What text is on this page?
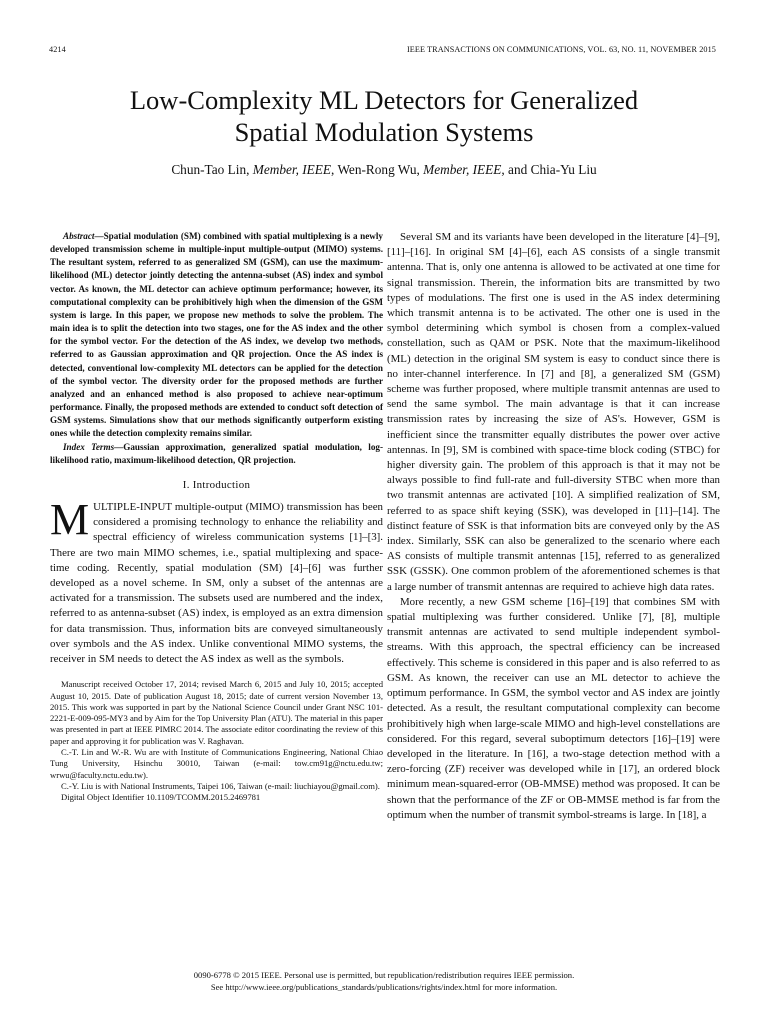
4214	IEEE TRANSACTIONS ON COMMUNICATIONS, VOL. 63, NO. 11, NOVEMBER 2015
Low-Complexity ML Detectors for Generalized
Spatial Modulation Systems
Chun-Tao Lin, Member, IEEE, Wen-Rong Wu, Member, IEEE, and Chia-Yu Liu

Abstract—Spatial modulation (SM) combined with spatial multiplexing is a newly developed transmission scheme in multiple-input multiple-output (MIMO) systems. The resultant system, referred to as generalized SM (GSM), can use the maximum-likelihood (ML) detector jointly detecting the antenna-subset (AS) index and symbol vector. As known, the ML detector can achieve optimum performance; however, its computational complexity can be prohibitively high when the dimension of the GSM system is large. In this paper, we propose new methods to solve the problem. The main idea is to split the detection into two stages, one for the AS index and the other for the symbol vector. For the detection of the AS index, we develop two methods, referred to as Gaussian approximation and QR projection. Once the AS index is detected, conventional low-complexity ML detectors can be applied for the detection of the symbol vector. The diversity order for the proposed methods are further analyzed and an enhanced method is also proposed to achieve near-optimum performance. Finally, the proposed methods are extended to conduct soft detection of GSM systems. Simulations show that our methods significantly outperform existing ones while the detection complexity remains similar.

Index Terms—Gaussian approximation, generalized spatial modulation, log-likelihood ratio, maximum-likelihood detection, QR projection.

I. Introduction

MULTIPLE-INPUT multiple-output (MIMO) transmission has been considered a promising technology to enhance the reliability and spectral efficiency of wireless communication systems [1]–[3]. There are two main MIMO schemes, i.e., spatial multiplexing and space-time coding. Recently, spatial modulation (SM) [4]–[6] was further developed as a novel scheme. In SM, only a subset of the antennas are activated for a transmission. The subsets used are numbered and the index, referred to as antenna-subset (AS) index, is employed as an extra dimension for data transmission. Thus, information bits are conveyed simultaneously over symbols and the AS index. Unlike conventional MIMO systems, the receiver in SM needs to detect the AS index as well as the symbols.

Manuscript received October 17, 2014; revised March 6, 2015 and July 10, 2015; accepted August 10, 2015. Date of publication August 18, 2015; date of current version November 13, 2015. This work was supported in part by the National Science Council under Grant NSC 101-2221-E-009-095-MY3 and by Aim for the Top University Plan (ATU). The material in this paper was presented in part at IEEE PIMRC 2014. The associate editor coordinating the review of this paper and approving it for publication was V. Raghavan.

C.-T. Lin and W.-R. Wu are with Institute of Communications Engineering, National Chiao Tung University, Hsinchu 30010, Taiwan (e-mail: tow.cm91g@nctu.edu.tw; wrwu@faculty.nctu.edu.tw).

C.-Y. Liu is with National Instruments, Taipei 106, Taiwan (e-mail: liuchiayou@gmail.com).

Digital Object Identifier 10.1109/TCOMM.2015.2469781

Several SM and its variants have been developed in the literature [4]–[9], [11]–[16]. In original SM [4]–[6], each AS consists of a single transmit antenna. That is, only one antenna is allowed to be activated at one time for signal transmission. Therein, the information bits are transmitted by two types of modulations. The first one is used in the AS index determining which transmit antenna is to be activated. The other one is used in the symbol determining which symbol is chosen from a complex-valued constellation, such as QAM or PSK. Note that the maximum-likelihood (ML) detection in the original SM system is easy to conduct since there is no inter-channel interference. In [7] and [8], a generalized SM (GSM) scheme was further proposed, where multiple transmit antennas are used to send the same symbol. The main advantage is that it can increase transmission rates by increasing the size of AS's. However, GSM is inefficient since the transmitter equally distributes the power over active antennas. In [9], SM is combined with space-time block coding (STBC) for higher diversity gain. The problem of this approach is that it may not be always possible to find full-rate and full-diversity STBC when more than two transmit antennas are activated [10]. A simplified realization of SM, referred to as space shift keying (SSK), was developed in [11]–[14]. The distinct feature of SSK is that information bits are conveyed only by the AS index. Similarly, SSK can also be generalized to the scenario where each AS consists of multiple transmit antennas [15], referred to as generalized SSK (GSSK). One common problem of the aforementioned schemes is that a large number of transmit antennas are required to achieve high data rates.

More recently, a new GSM scheme [16]–[19] that combines SM with spatial multiplexing was further considered. Unlike [7], [8], multiple transmit antennas are activated to send multiple independent symbol-streams. With this approach, the spectral efficiency can be increased effectively. This scheme is considered in this paper and is also referred to as GSM. As known, the receiver can use an ML detector to achieve the optimum performance. In GSM, the symbol vector and AS index are jointly detected. As a result, the resultant computational complexity can become prohibitively high when large-scale MIMO and high-level constellations are considered. For this regard, several suboptimum detectors [16]–[19] were developed in the literature. In [16], a two-stage detection method with a zero-forcing (ZF) receiver was developed while in [17], an ordered block minimum mean-squared-error (OB-MMSE) method was proposed. It can be shown that the performance of the ZF or OB-MMSE method is far from the optimum when the number of transmit symbol-streams is large. In [18], a

0090-6778 © 2015 IEEE. Personal use is permitted, but republication/redistribution requires IEEE permission.
See http://www.ieee.org/publications_standards/publications/rights/index.html for more information.
